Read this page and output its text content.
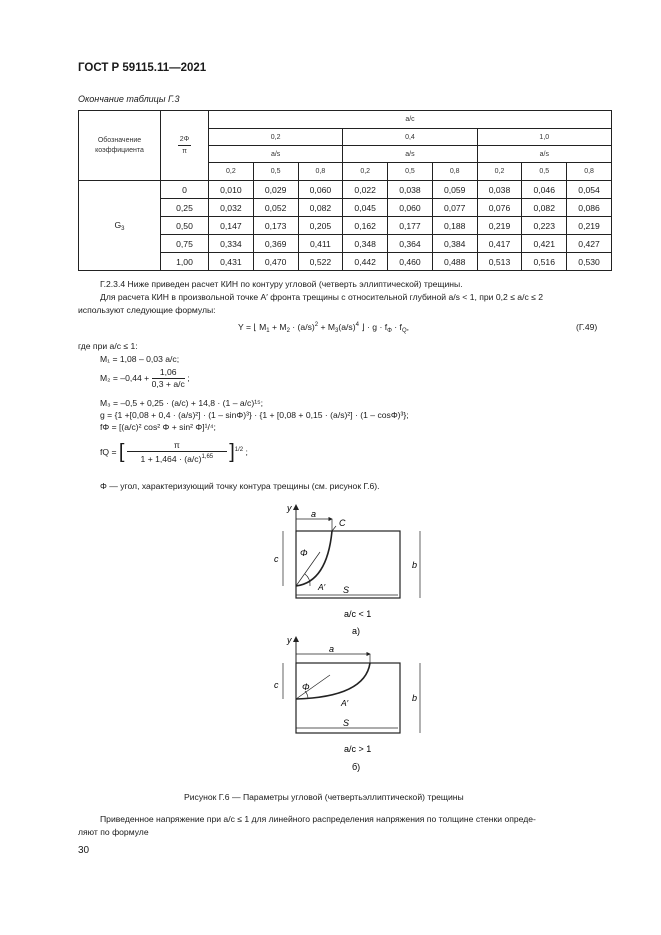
ГОСТ Р 59115.11—2021
Окончание таблицы Г.3
Обозначение коэффициента	$\frac{2\Phi}{\pi}$	a/c								
		0,2			0,4			1,0		
		a/s			a/s			a/s		
		0,2	0,5	0,8	0,2	0,5	0,8	0,2	0,5	0,8
$G_3$	0	0,010	0,029	0,060	0,022	0,038	0,059	0,038	0,046	0,054
	0,25	0,032	0,052	0,082	0,045	0,060	0,077	0,076	0,082	0,086
	0,50	0,147	0,173	0,205	0,162	0,177	0,188	0,219	0,223	0,219
	0,75	0,334	0,369	0,411	0,348	0,364	0,384	0,417	0,421	0,427
	1,00	0,431	0,470	0,522	0,442	0,460	0,488	0,513	0,516	0,530
Г.2.3.4 Ниже приведен расчет КИН по контуру угловой (четверть эллиптической) трещины.
Для расчета КИН в произвольной точке A′ фронта трещины с относительной глубиной a/s < 1, при 0,2 ≤ a/c ≤ 2
используют следующие формулы:
Y = ⌊ $M_1 + M_2 \cdot (a/s)^2 + M_3(a/s)^4$ ⌋ · $g \cdot f_\Phi \cdot f_Q$,	(Г.49)
где при a/c ≤ 1:
M₁ = 1,08 – 0,03 a/c;
$M_2 = -0,44 + \frac{1,06}{0,3 + a/c}$ ;
M₃ = –0,5 + 0,25 · (a/c) + 14,8 · (1 – a/c)¹⁵;
g = {1 +[0,08 + 0,4 · (a/s)²] · (1 – sinΦ)³} · {1 + [0,08 + 0,15 · (a/s)²] · (1 – cosΦ)³};
fΦ = [(a/c)² cos² Φ + sin² Φ]¹/⁴;
fQ = [ $\frac{\pi}{1 + 1,464 \cdot (a/c)^{1,65}} ]^{1/2}$ ;
Φ — угол, характеризующий точку контура трещины (см. рисунок Г.6).
y
a
C
c
Φ
A′ S
b
a/c < 1
а)
y
a
c	Φ
A′
S
b
a/c > 1
б)
Рисунок Г.6 — Параметры угловой (четвертьэллиптической) трещины
Приведенное напряжение при a/c ≤ 1 для линейного распределения напряжения по толщине стенки опреде-
ляют по формуле
30
